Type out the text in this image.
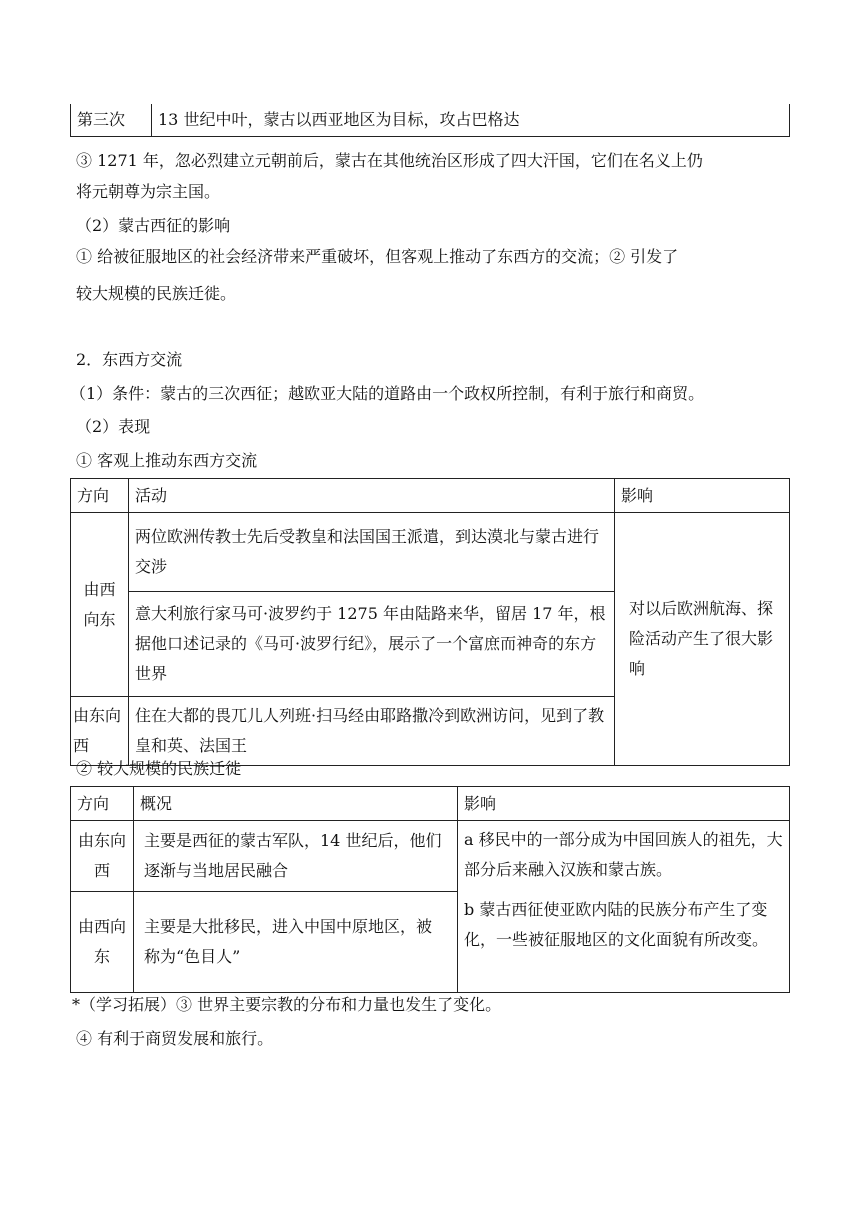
第三次	13 世纪中叶，蒙古以西亚地区为目标，攻占巴格达
③ 1271 年，忽必烈建立元朝前后，蒙古在其他统治区形成了四大汗国，它们在名义上仍
将元朝尊为宗主国。
（2）蒙古西征的影响
① 给被征服地区的社会经济带来严重破坏，但客观上推动了东西方的交流；② 引发了
较大规模的民族迁徙。
2．东西方交流
（1）条件：蒙古的三次西征；越欧亚大陆的道路由一个政权所控制，有利于旅行和商贸。
（2）表现
① 客观上推动东西方交流
方向	活动	影响
由西向东	两位欧洲传教士先后受教皇和法国国王派遣，到达漠北与蒙古进行交涉	对以后欧洲航海、探险活动产生了很大影响
	意大利旅行家马可·波罗约于 1275 年由陆路来华，留居 17 年，根据他口述记录的《马可·波罗行纪》，展示了一个富庶而神奇的东方世界	
由东向西	住在大都的畏兀儿人列班·扫马经由耶路撒冷到欧洲访问，见到了教皇和英、法国王	
② 较大规模的民族迁徙
方向	概况	影响
由东向西	主要是西征的蒙古军队，14 世纪后，他们逐渐与当地居民融合	a 移民中的一部分成为中国回族人的祖先，大部分后来融入汉族和蒙古族。
b 蒙古西征使亚欧内陆的民族分布产生了变化，一些被征服地区的文化面貌有所改变。

由西向东	主要是大批移民，进入中国中原地区，被称为“色目人”	
*（学习拓展）③ 世界主要宗教的分布和力量也发生了变化。
④ 有利于商贸发展和旅行。
